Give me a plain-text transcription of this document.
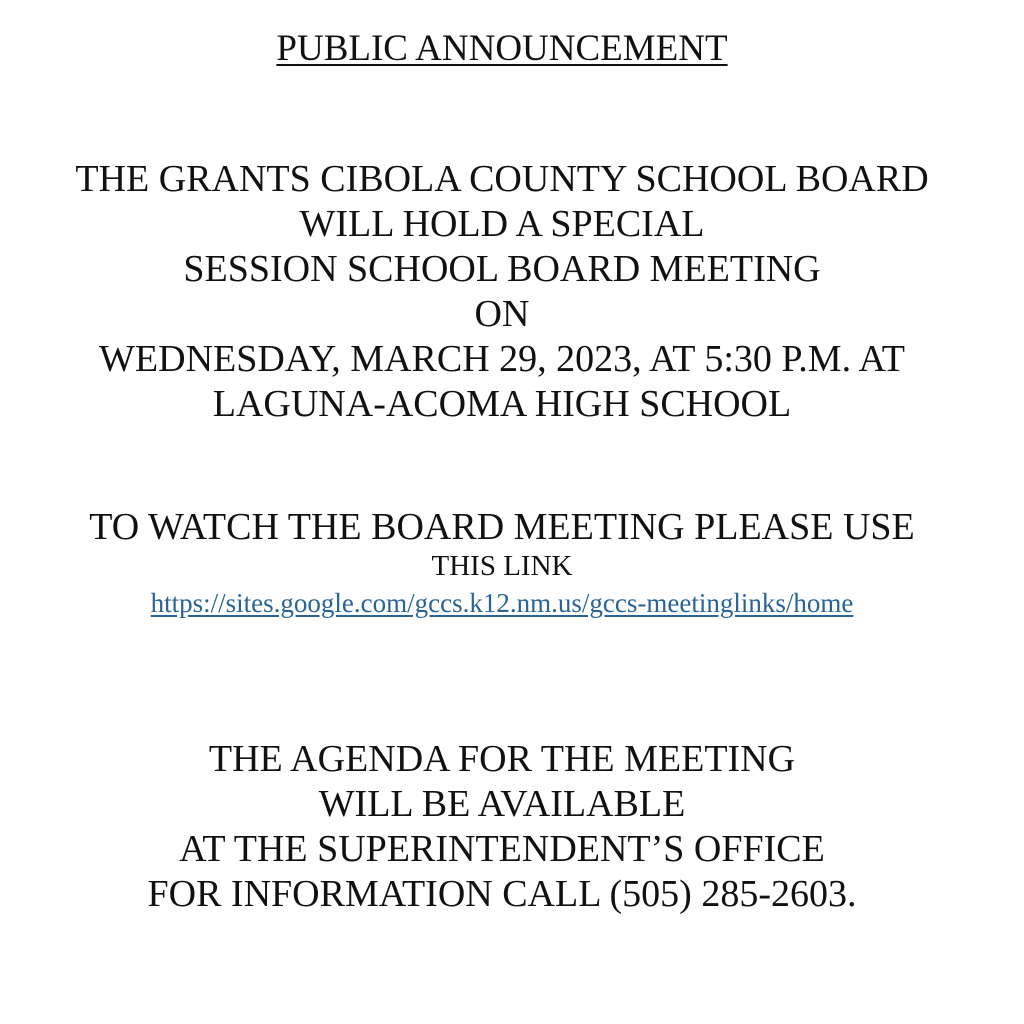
PUBLIC ANNOUNCEMENT
THE GRANTS CIBOLA COUNTY SCHOOL BOARD
WILL HOLD A SPECIAL
SESSION SCHOOL BOARD MEETING
ON
WEDNESDAY, MARCH 29, 2023, AT 5:30 P.M. AT
LAGUNA-ACOMA HIGH SCHOOL
TO WATCH THE BOARD MEETING PLEASE USE
THIS LINK
https://sites.google.com/gccs.k12.nm.us/gccs-meetinglinks/home
THE AGENDA FOR THE MEETING
WILL BE AVAILABLE
AT THE SUPERINTENDENT’S OFFICE
FOR INFORMATION CALL (505) 285-2603.
